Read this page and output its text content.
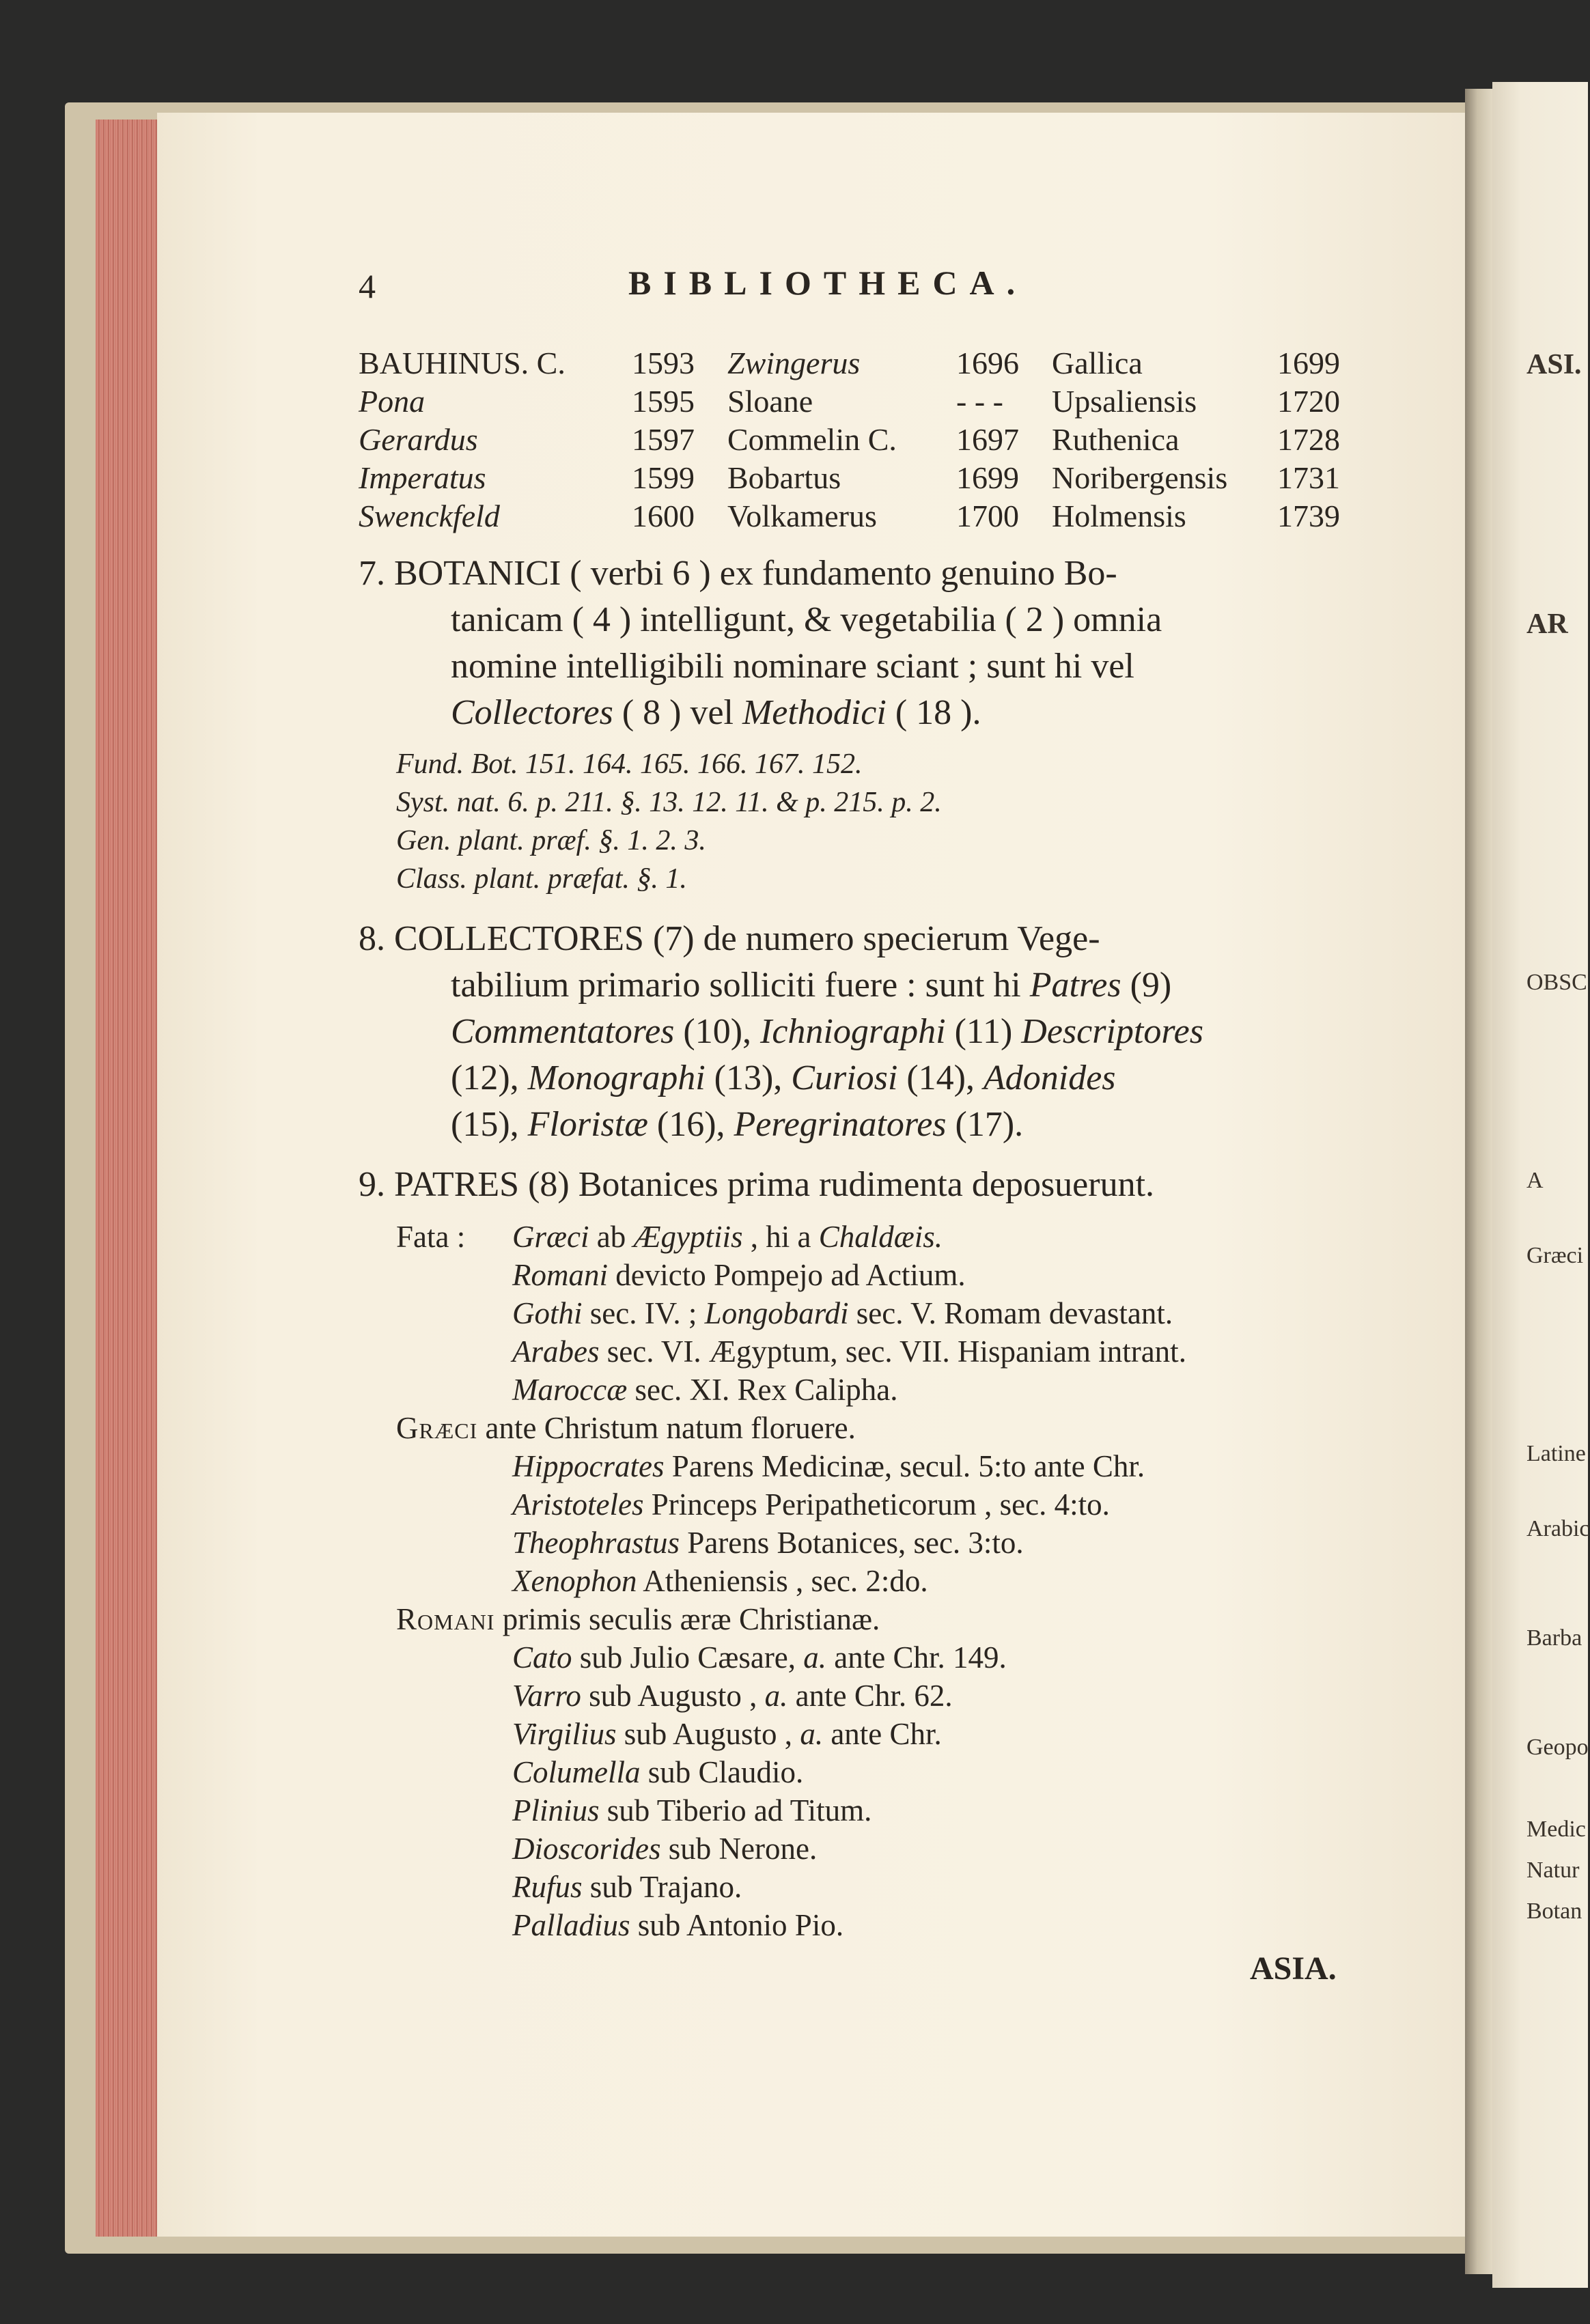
ASI.
AR
OBSC
A
Græci
Latine
Arabic
Barba
Geopo
Medic
Natur
Botan
4	BIBLIOTHECA.
BAUHINUS. C. 1593 Zwingerus	1696 Gallica	1699
Pona	1595 Sloane	- - - Upsaliensis	1720
Gerardus	1597 Commelin C. 1697 Ruthenica	1728
Imperatus	1599 Bobartus	1699 Noribergensis 1731
Swenckfeld	1600 Volkamerus	1700 Holmensis	1739
7. BOTANICI ( verbi 6 ) ex fundamento genuino Bo-
tanicam ( 4 ) intelligunt, & vegetabilia ( 2 ) omnia
nomine intelligibili nominare sciant ; sunt hi vel
Collectores ( 8 ) vel Methodici ( 18 ).
Fund. Bot. 151. 164. 165. 166. 167. 152.
Syst. nat. 6. p. 211. §. 13. 12. 11. & p. 215. p. 2.
Gen. plant. præf. §. 1. 2. 3.
Class. plant. præfat. §. 1.
8. COLLECTORES (7) de numero specierum Vege-
tabilium primario solliciti fuere : sunt hi Patres (9)
Commentatores (10), Ichniographi (11) Descriptores
(12), Monographi (13), Curiosi (14), Adonides
(15), Floristæ (16), Peregrinatores (17).
9. PATRES (8) Botanices prima rudimenta deposuerunt.
Fata : Græci ab Ægyptiis , hi a Chaldæis.
Romani devicto Pompejo ad Actium.
Gothi sec. IV. ; Longobardi sec. V. Romam devastant.
Arabes sec. VI. Ægyptum, sec. VII. Hispaniam intrant.
Maroccæ sec. XI. Rex Calipha.
Græci ante Christum natum floruere.
Hippocrates Parens Medicinæ, secul. 5:to ante Chr.
Aristoteles Princeps Peripatheticorum , sec. 4:to.
Theophrastus Parens Botanices, sec. 3:to.
Xenophon Atheniensis , sec. 2:do.
Romani primis seculis æræ Christianæ.
Cato sub Julio Cæsare, a. ante Chr. 149.
Varro sub Augusto , a. ante Chr. 62.
Virgilius sub Augusto , a. ante Chr.
Columella sub Claudio.
Plinius sub Tiberio ad Titum.
Dioscorides sub Nerone.
Rufus sub Trajano.
Palladius sub Antonio Pio.
ASIA.
